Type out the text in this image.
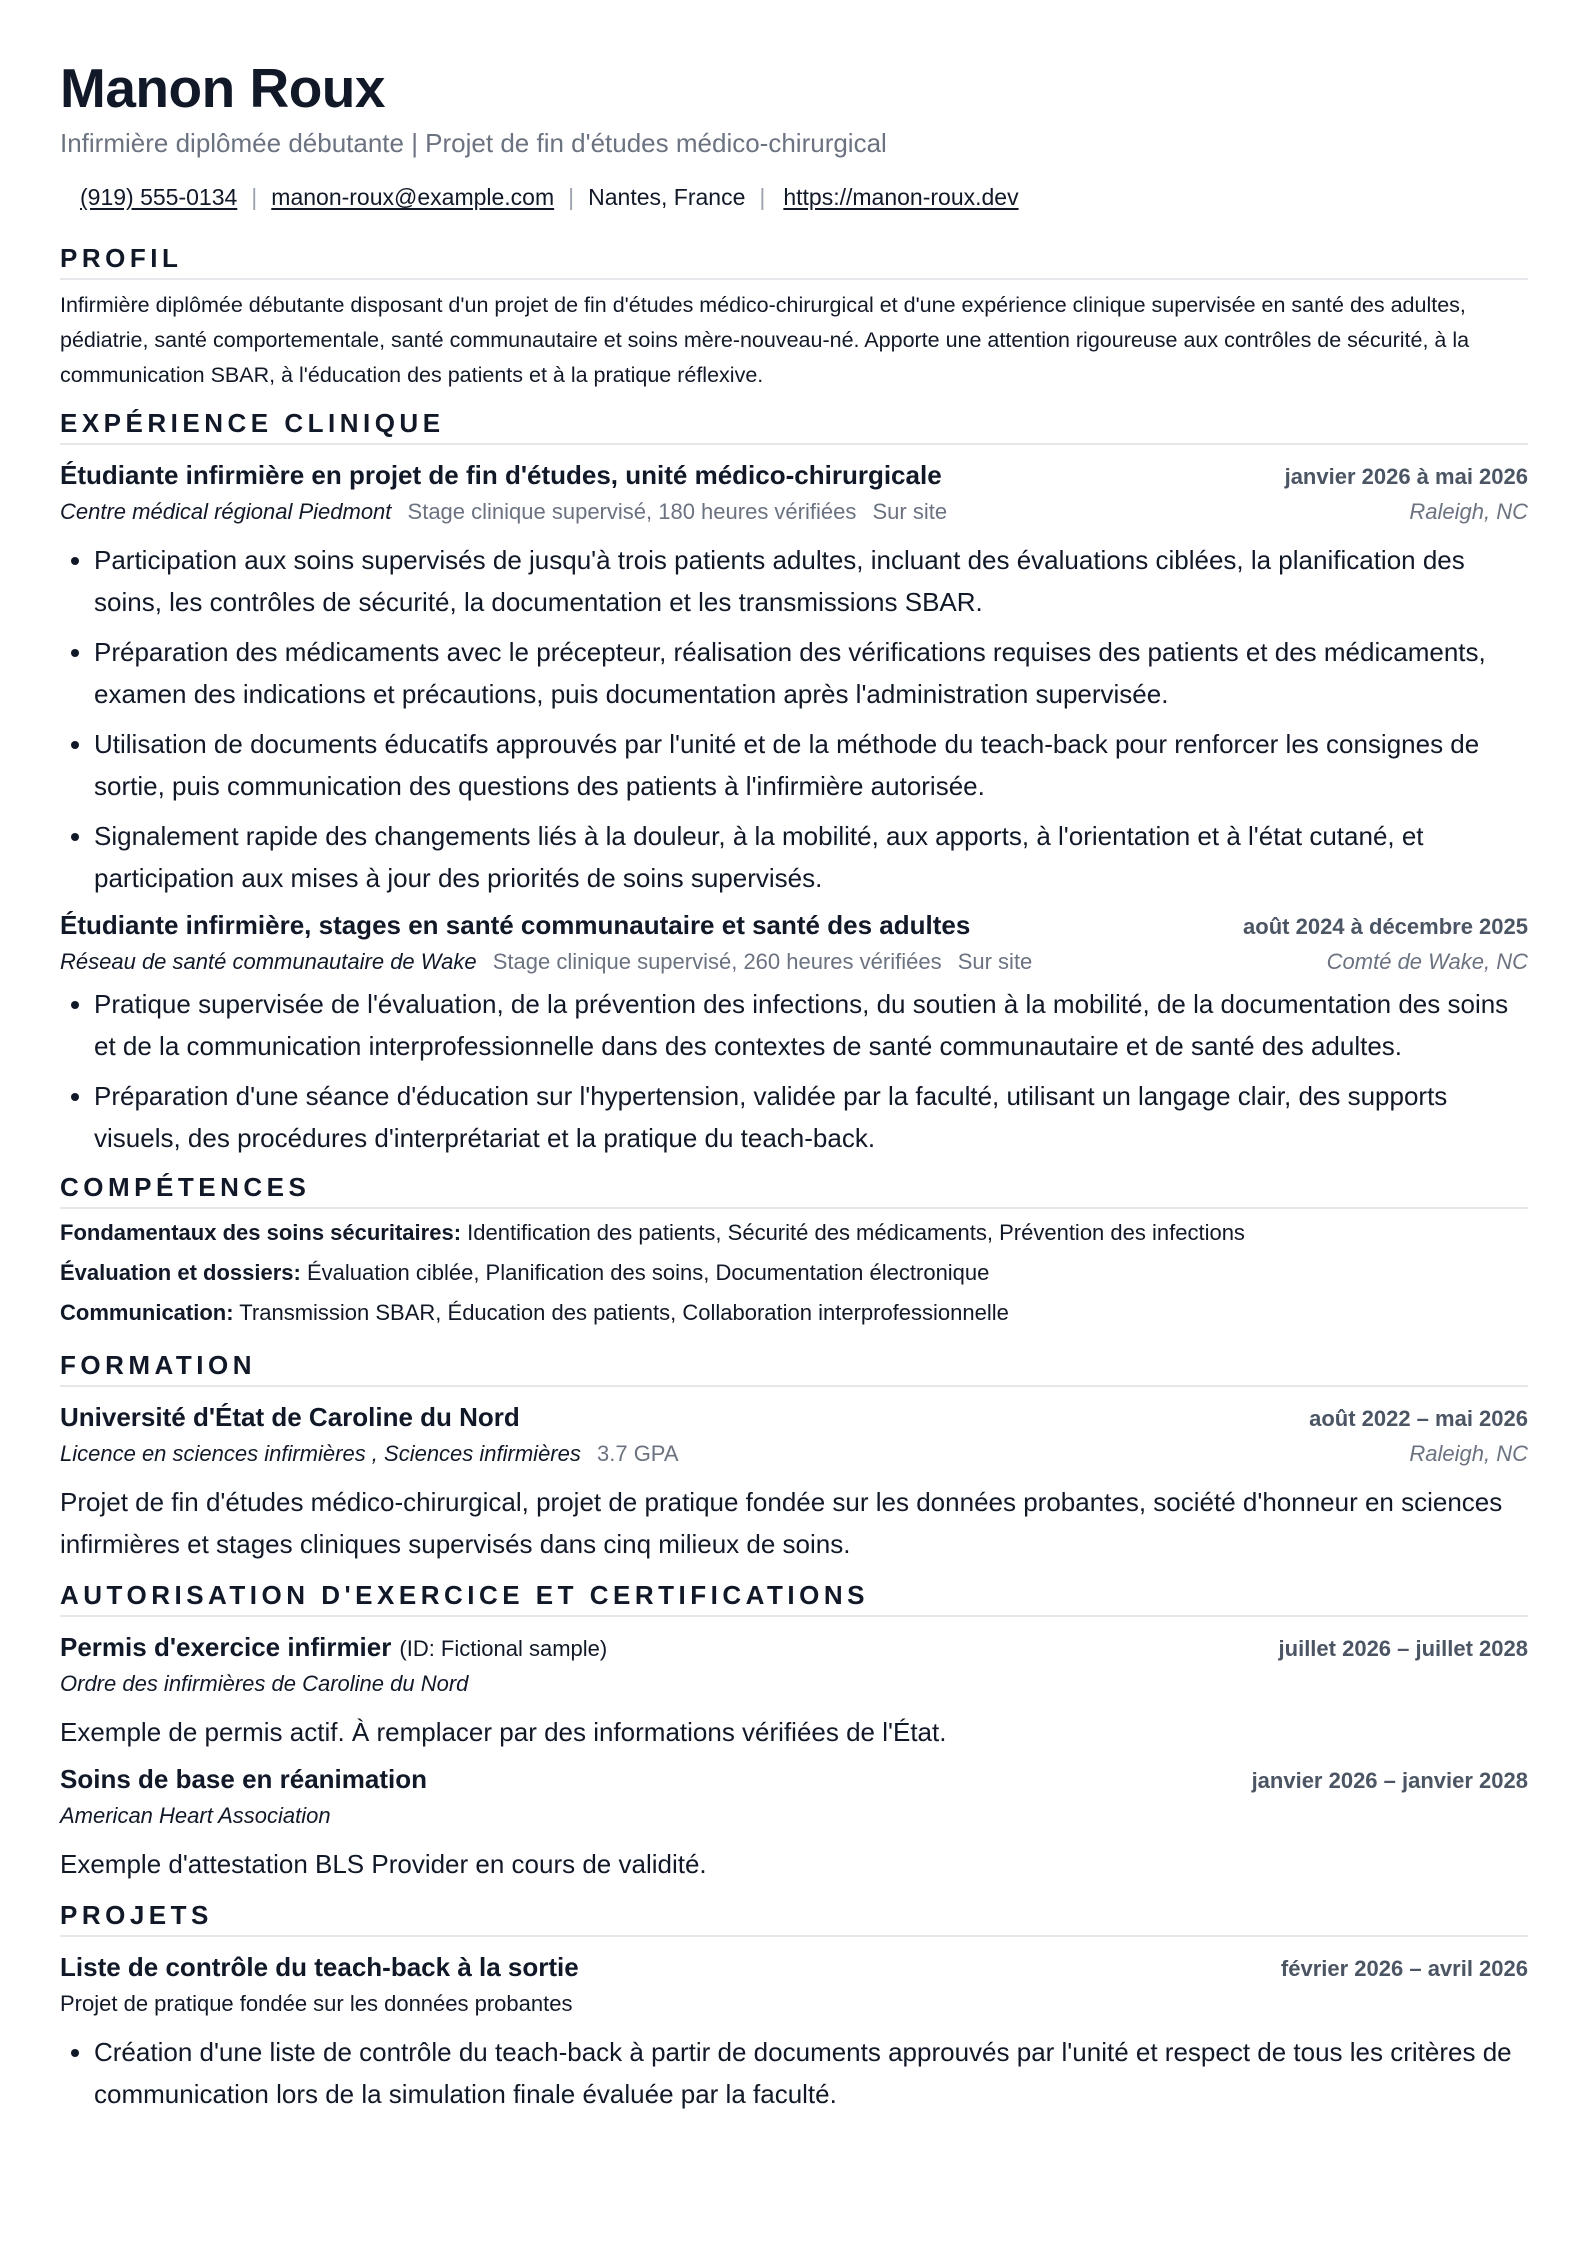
Manon Roux
Infirmière diplômée débutante | Projet de fin d'études médico-chirurgical
(919) 555-0134 | manon-roux@example.com | Nantes, France | https://manon-roux.dev
PROFIL
Infirmière diplômée débutante disposant d'un projet de fin d'études médico-chirurgical et d'une expérience clinique supervisée en santé des adultes, pédiatrie, santé comportementale, santé communautaire et soins mère-nouveau-né. Apporte une attention rigoureuse aux contrôles de sécurité, à la communication SBAR, à l'éducation des patients et à la pratique réflexive.
EXPÉRIENCE CLINIQUE
Étudiante infirmière en projet de fin d'études, unité médico-chirurgicale	janvier 2026 à mai 2026
Centre médical régional Piedmont Stage clinique supervisé, 180 heures vérifiées Sur site	Raleigh, NC
• Participation aux soins supervisés de jusqu'à trois patients adultes, incluant des évaluations ciblées, la planification des soins, les contrôles de sécurité, la documentation et les transmissions SBAR.
• Préparation des médicaments avec le précepteur, réalisation des vérifications requises des patients et des médicaments, examen des indications et précautions, puis documentation après l'administration supervisée.
• Utilisation de documents éducatifs approuvés par l'unité et de la méthode du teach-back pour renforcer les consignes de sortie, puis communication des questions des patients à l'infirmière autorisée.
• Signalement rapide des changements liés à la douleur, à la mobilité, aux apports, à l'orientation et à l'état cutané, et participation aux mises à jour des priorités de soins supervisés.
Étudiante infirmière, stages en santé communautaire et santé des adultes	août 2024 à décembre 2025
Réseau de santé communautaire de Wake Stage clinique supervisé, 260 heures vérifiées Sur site	Comté de Wake, NC
• Pratique supervisée de l'évaluation, de la prévention des infections, du soutien à la mobilité, de la documentation des soins et de la communication interprofessionnelle dans des contextes de santé communautaire et de santé des adultes.
• Préparation d'une séance d'éducation sur l'hypertension, validée par la faculté, utilisant un langage clair, des supports visuels, des procédures d'interprétariat et la pratique du teach-back.
COMPÉTENCES
Fondamentaux des soins sécuritaires: Identification des patients, Sécurité des médicaments, Prévention des infections
Évaluation et dossiers: Évaluation ciblée, Planification des soins, Documentation électronique
Communication: Transmission SBAR, Éducation des patients, Collaboration interprofessionnelle
FORMATION
Université d'État de Caroline du Nord	août 2022 – mai 2026
Licence en sciences infirmières , Sciences infirmières 3.7 GPA	Raleigh, NC
Projet de fin d'études médico-chirurgical, projet de pratique fondée sur les données probantes, société d'honneur en sciences infirmières et stages cliniques supervisés dans cinq milieux de soins.
AUTORISATION D'EXERCICE ET CERTIFICATIONS
Permis d'exercice infirmier (ID: Fictional sample)	juillet 2026 – juillet 2028
Ordre des infirmières de Caroline du Nord
Exemple de permis actif. À remplacer par des informations vérifiées de l'État.
Soins de base en réanimation	janvier 2026 – janvier 2028
American Heart Association
Exemple d'attestation BLS Provider en cours de validité.
PROJETS
Liste de contrôle du teach-back à la sortie	février 2026 – avril 2026
Projet de pratique fondée sur les données probantes
• Création d'une liste de contrôle du teach-back à partir de documents approuvés par l'unité et respect de tous les critères de communication lors de la simulation finale évaluée par la faculté.
